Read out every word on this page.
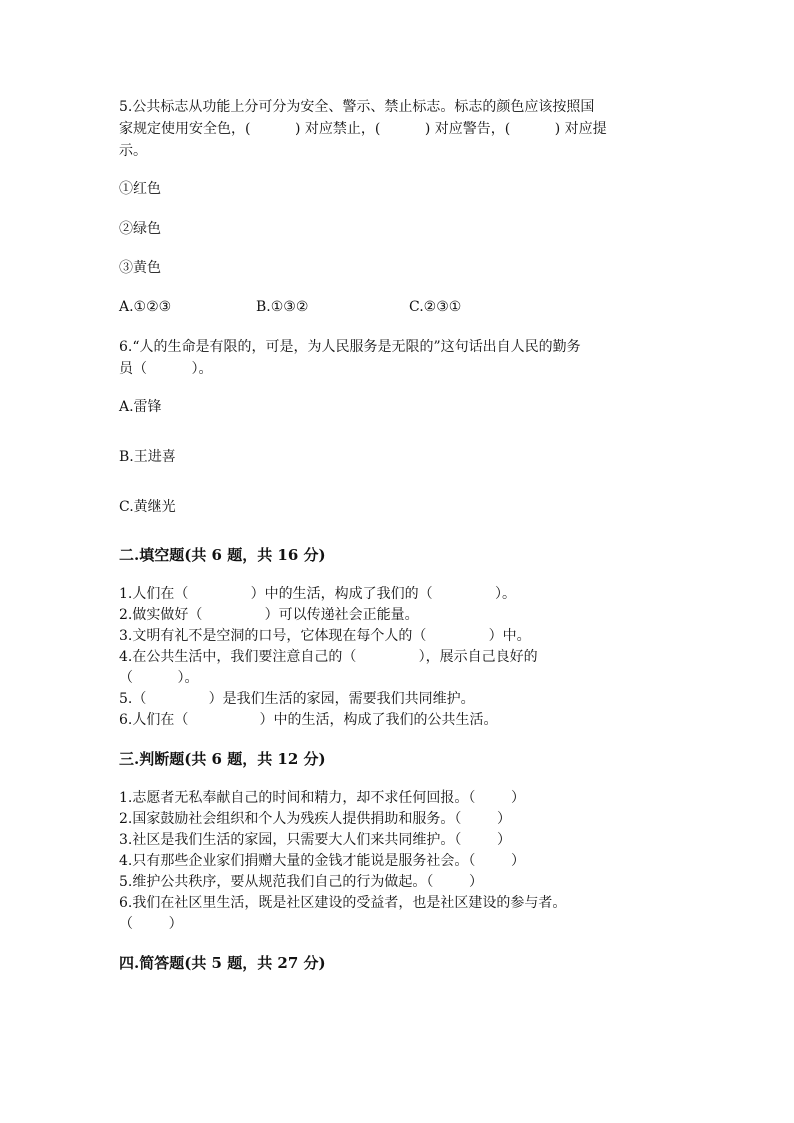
5.公共标志从功能上分可分为安全、警示、禁止标志。标志的颜色应该按照国
家规定使用安全色，(          ) 对应禁止，(          ) 对应警告，(          ) 对应提
示。
①红色
②绿色
③黄色
A.①②③	B.①③②	C.②③①
6.“人的生命是有限的，可是，为人民服务是无限的”这句话出自人民的勤务
员（          ）。
A.雷锋
B.王进喜
C.黄继光
二.填空题(共 6 题，共 16 分)
1.人们在（              ）中的生活，构成了我们的（              ）。
2.做实做好（              ）可以传递社会正能量。
3.文明有礼不是空洞的口号，它体现在每个人的（              ）中。
4.在公共生活中，我们要注意自己的（              ），展示自己良好的
（          ）。
5.（              ）是我们生活的家园，需要我们共同维护。
6.人们在（                ）中的生活，构成了我们的公共生活。
三.判断题(共 6 题，共 12 分)
1.志愿者无私奉献自己的时间和精力，却不求任何回报。（        ）
2.国家鼓励社会组织和个人为残疾人提供捐助和服务。（        ）
3.社区是我们生活的家园，只需要大人们来共同维护。（        ）
4.只有那些企业家们捐赠大量的金钱才能说是服务社会。（        ）
5.维护公共秩序，要从规范我们自己的行为做起。（        ）
6.我们在社区里生活，既是社区建设的受益者，也是社区建设的参与者。
（        ）
四.简答题(共 5 题，共 27 分)
